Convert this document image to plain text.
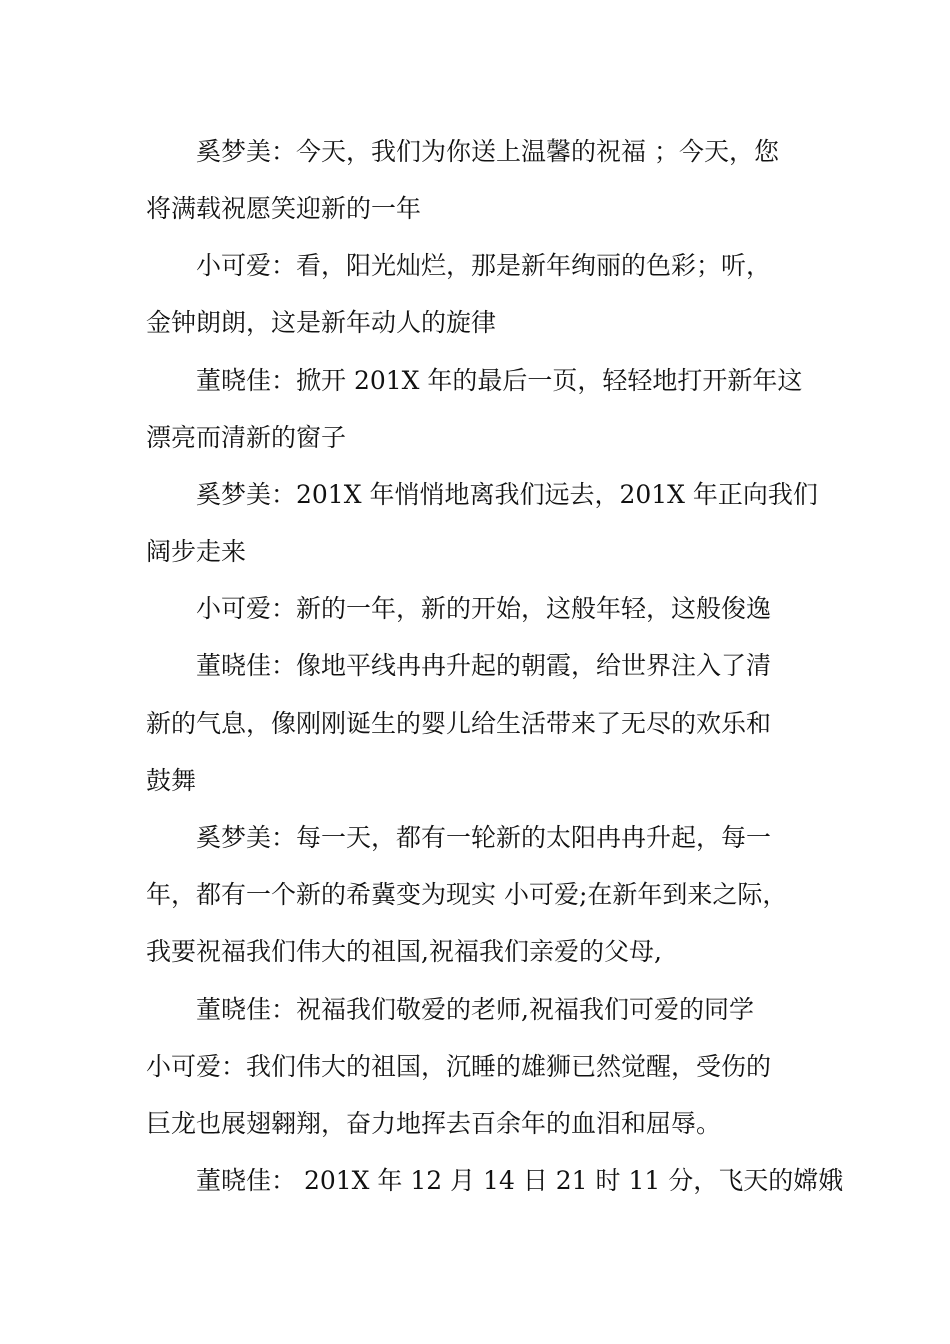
奚梦美：今天，我们为你送上温馨的祝福 ；今天，您
将满载祝愿笑迎新的一年
小可爱：看，阳光灿烂，那是新年绚丽的色彩；听，
金钟朗朗，这是新年动人的旋律
董晓佳：掀开 201X 年的最后一页，轻轻地打开新年这
漂亮而清新的窗子
奚梦美：201X 年悄悄地离我们远去，201X 年正向我们
阔步走来
小可爱：新的一年，新的开始，这般年轻，这般俊逸
董晓佳：像地平线冉冉升起的朝霞，给世界注入了清
新的气息，像刚刚诞生的婴儿给生活带来了无尽的欢乐和
鼓舞
奚梦美：每一天，都有一轮新的太阳冉冉升起，每一
年，都有一个新的希冀变为现实 小可爱;在新年到来之际，
我要祝福我们伟大的祖国,祝福我们亲爱的父母,
董晓佳：祝福我们敬爱的老师,祝福我们可爱的同学
小可爱：我们伟大的祖国，沉睡的雄狮已然觉醒，受伤的
巨龙也展翅翱翔，奋力地挥去百余年的血泪和屈辱。
董晓佳： 201X 年 12 月 14 日 21 时 11 分，飞天的嫦娥
